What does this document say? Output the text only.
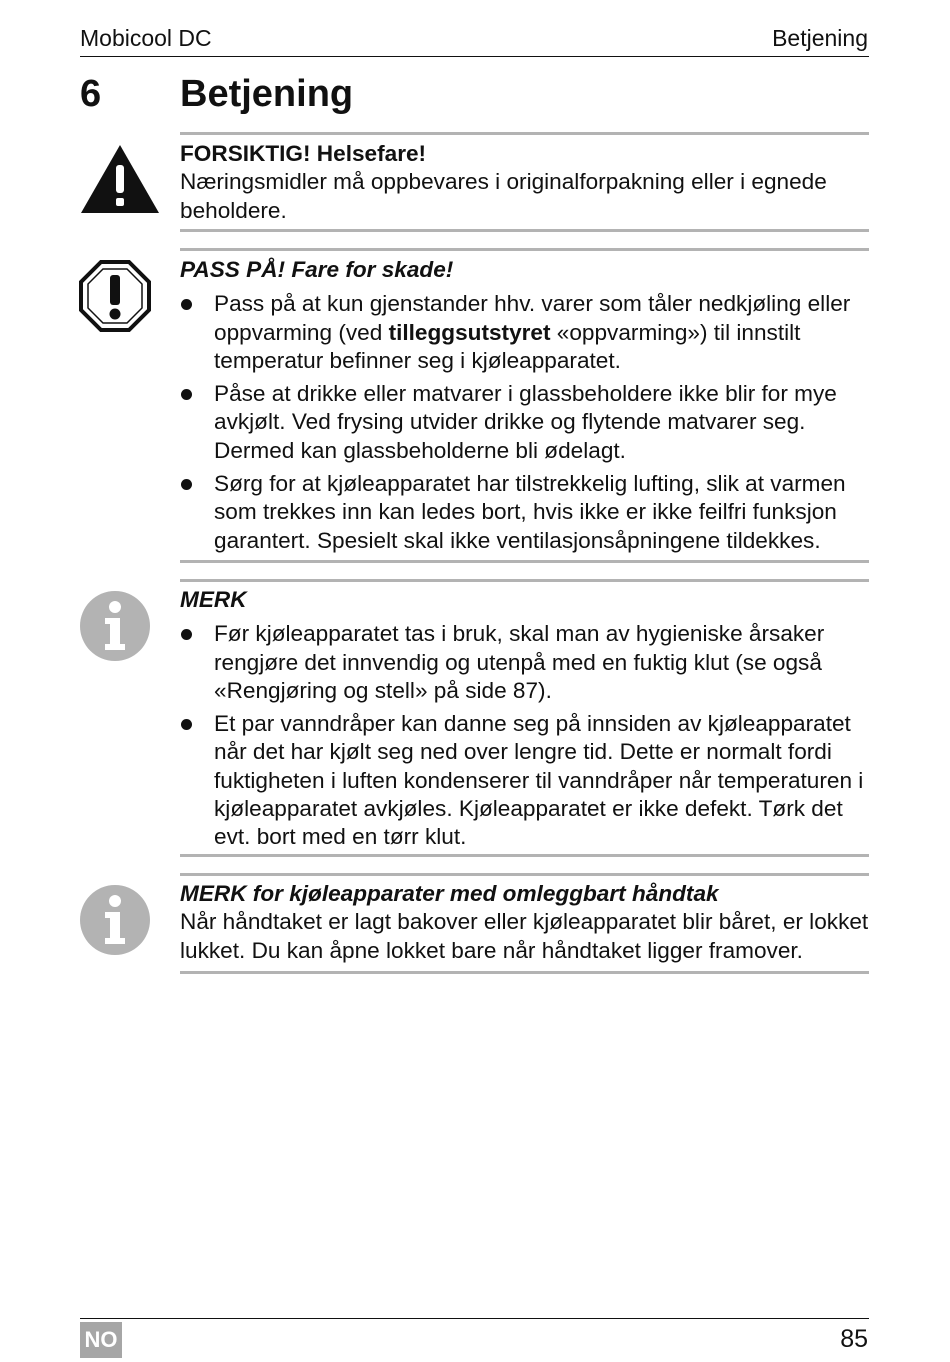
Mobicool DC	Betjening
6 Betjening
FORSIKTIG! Helsefare!
Næringsmidler må oppbevares i originalforpakning eller i egnede beholdere.
PASS PÅ! Fare for skade!
Pass på at kun gjenstander hhv. varer som tåler nedkjøling eller oppvarming (ved tilleggsutstyret «oppvarming») til innstilt temperatur befinner seg i kjøleapparatet.
Påse at drikke eller matvarer i glassbeholdere ikke blir for mye avkjølt. Ved frysing utvider drikke og flytende matvarer seg. Dermed kan glassbeholderne bli ødelagt.
Sørg for at kjøleapparatet har tilstrekkelig lufting, slik at varmen som trekkes inn kan ledes bort, hvis ikke er ikke feilfri funksjon garantert. Spesielt skal ikke ventilasjonsåpningene tildekkes.
MERK
Før kjøleapparatet tas i bruk, skal man av hygieniske årsaker rengjøre det innvendig og utenpå med en fuktig klut (se også «Rengjøring og stell» på side 87).
Et par vanndråper kan danne seg på innsiden av kjøleapparatet når det har kjølt seg ned over lengre tid. Dette er normalt fordi fuktigheten i luften kondenserer til vanndråper når temperaturen i kjøleapparatet avkjøles. Kjøleapparatet er ikke defekt. Tørk det evt. bort med en tørr klut.
MERK for kjøleapparater med omleggbart håndtak
Når håndtaket er lagt bakover eller kjøleapparatet blir båret, er lokket lukket. Du kan åpne lokket bare når håndtaket ligger framover.
NO	85
